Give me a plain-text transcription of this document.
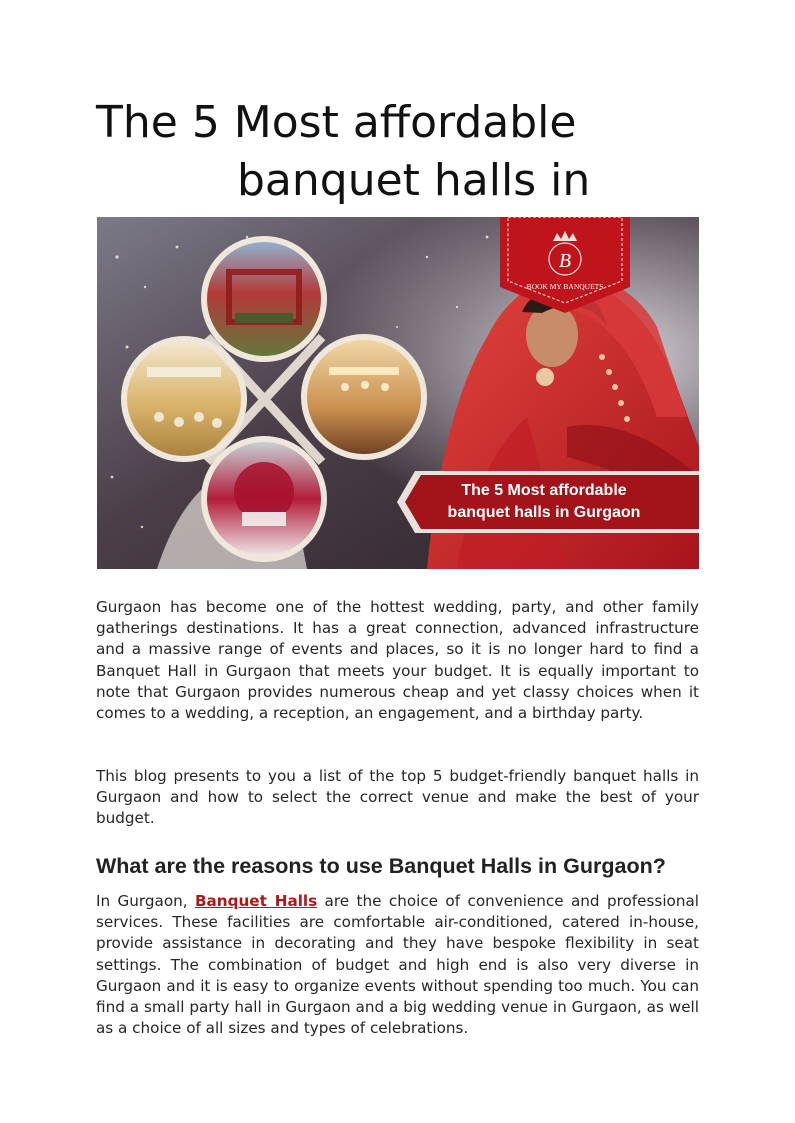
The 5 Most affordable
banquet halls in
B
BOOK MY BANQUETS
The 5 Most affordable
banquet halls in Gurgaon

Gurgaon has become one of the hottest wedding, party, and other family gatherings destinations. It has a great connection, advanced infrastructure and a massive range of events and places, so it is no longer hard to find a Banquet Hall in Gurgaon that meets your budget. It is equally important to note that Gurgaon provides numerous cheap and yet classy choices when it comes to a wedding, a reception, an engagement, and a birthday party.

This blog presents to you a list of the top 5 budget-friendly banquet halls in Gurgaon and how to select the correct venue and make the best of your budget.

What are the reasons to use Banquet Halls in Gurgaon?

In Gurgaon, Banquet Halls are the choice of convenience and professional services. These facilities are comfortable air-conditioned, catered in-house, provide assistance in decorating and they have bespoke flexibility in seat settings. The combination of budget and high end is also very diverse in Gurgaon and it is easy to organize events without spending too much. You can find a small party hall in Gurgaon and a big wedding venue in Gurgaon, as well as a choice of all sizes and types of celebrations.
